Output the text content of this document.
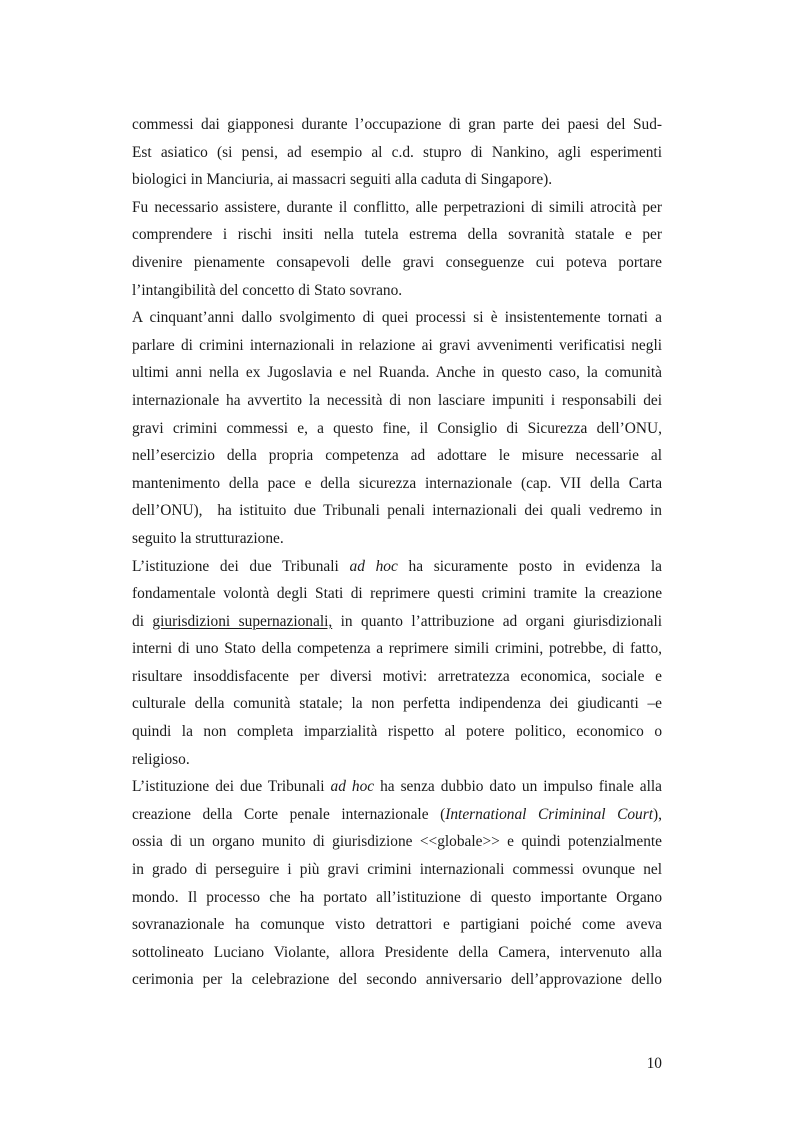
commessi dai giapponesi durante l’occupazione di gran parte dei paesi del Sud-
Est asiatico (si pensi, ad esempio al c.d. stupro di Nankino, agli esperimenti
biologici in Manciuria, ai massacri seguiti alla caduta di Singapore).
Fu necessario assistere, durante il conflitto, alle perpetrazioni di simili atrocità per
comprendere i rischi insiti nella tutela estrema della sovranità statale e per
divenire pienamente consapevoli delle gravi conseguenze cui poteva portare
l’intangibilità del concetto di Stato sovrano.
A cinquant’anni dallo svolgimento di quei processi si è insistentemente tornati a
parlare di crimini internazionali in relazione ai gravi avvenimenti verificatisi negli
ultimi anni nella ex Jugoslavia e nel Ruanda. Anche in questo caso, la comunità
internazionale ha avvertito la necessità di non lasciare impuniti i responsabili dei
gravi crimini commessi e, a questo fine, il Consiglio di Sicurezza dell’ONU,
nell’esercizio della propria competenza ad adottare le misure necessarie al
mantenimento della pace e della sicurezza internazionale (cap. VII della Carta
dell’ONU),  ha istituito due Tribunali penali internazionali dei quali vedremo in
seguito la strutturazione.
L’istituzione dei due Tribunali ad hoc ha sicuramente posto in evidenza la
fondamentale volontà degli Stati di reprimere questi crimini tramite la creazione
di giurisdizioni supernazionali, in quanto l’attribuzione ad organi giurisdizionali
interni di uno Stato della competenza a reprimere simili crimini, potrebbe, di fatto,
risultare insoddisfacente per diversi motivi: arretratezza economica, sociale e
culturale della comunità statale; la non perfetta indipendenza dei giudicanti –e
quindi la non completa imparzialità rispetto al potere politico, economico o
religioso.
L’istituzione dei due Tribunali ad hoc ha senza dubbio dato un impulso finale alla
creazione della Corte penale internazionale (International Crimininal Court),
ossia di un organo munito di giurisdizione <<globale>> e quindi potenzialmente
in grado di perseguire i più gravi crimini internazionali commessi ovunque nel
mondo. Il processo che ha portato all’istituzione di questo importante Organo
sovranazionale ha comunque visto detrattori e partigiani poiché come aveva
sottolineato Luciano Violante, allora Presidente della Camera, intervenuto alla
cerimonia per la celebrazione del secondo anniversario dell’approvazione dello
10
